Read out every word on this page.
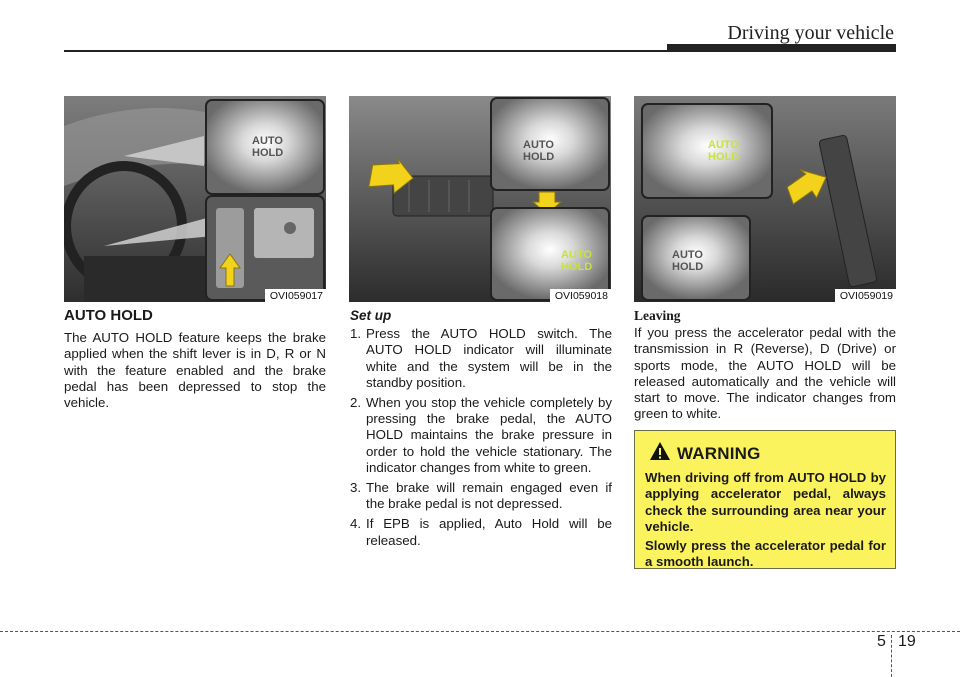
Driving your vehicle
AUTO
HOLD
OVI059017
AUTO
HOLD
AUTO
HOLD
OVI059018
AUTO
HOLD
AUTO
HOLD
OVI059019
AUTO HOLD

The AUTO HOLD feature keeps the brake applied when the shift lever is in D, R or N with the feature enabled and the brake pedal has been depressed to stop the vehicle.

Set up
1. Press the AUTO HOLD switch. The AUTO HOLD indicator will illuminate white and the system will be in the standby position.
2. When you stop the vehicle completely by pressing the brake pedal, the AUTO HOLD maintains the brake pressure in order to hold the vehicle stationary. The indicator changes from white to green.
3. The brake will remain engaged even if the brake pedal is not depressed.
4. If EPB is applied, Auto Hold will be released.
Leaving

If you press the accelerator pedal with the transmission in R (Reverse), D (Drive) or sports mode, the AUTO HOLD will be released automatically and the vehicle will start to move. The indicator changes from green to white.

WARNING

When driving off from AUTO HOLD by applying accelerator pedal, always check the surrounding area near your vehicle.

Slowly press the accelerator pedal for a smooth launch.

5 19
